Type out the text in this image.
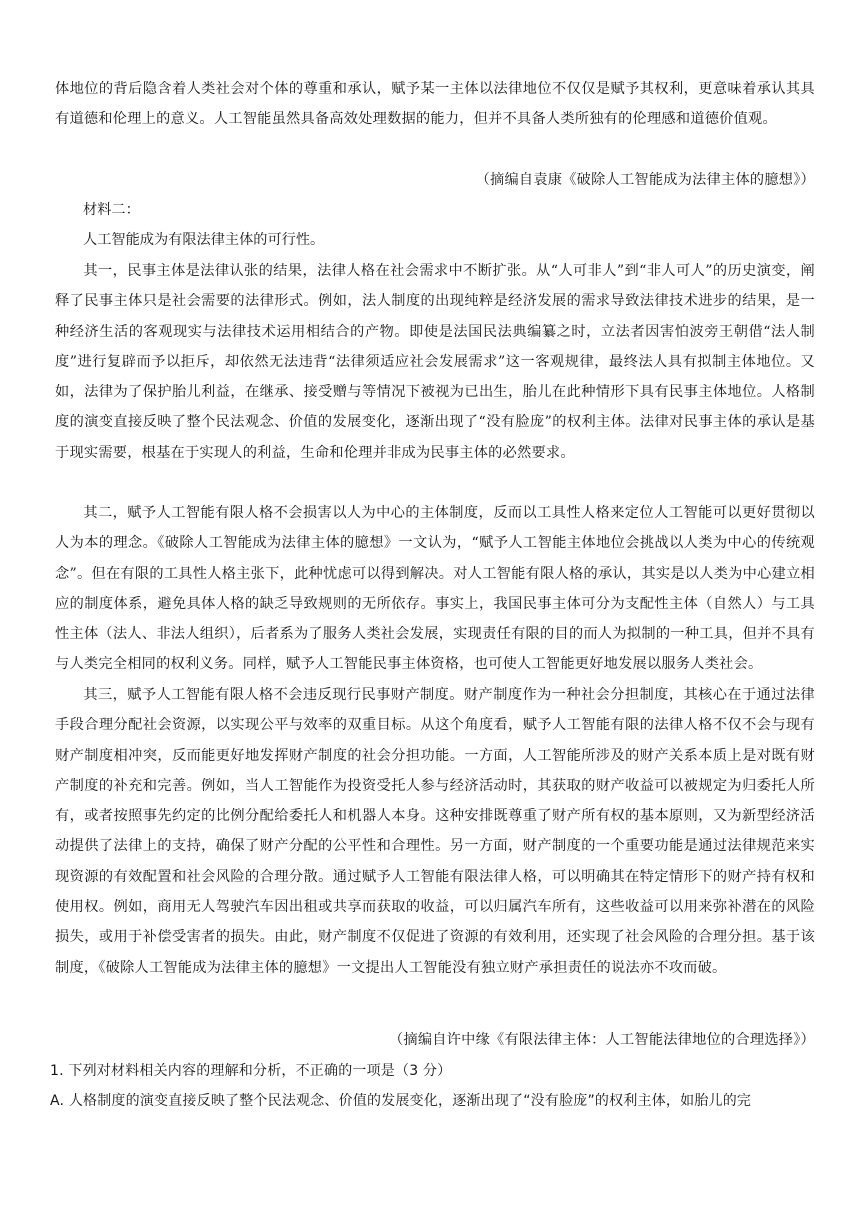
体地位的背后隐含着人类社会对个体的尊重和承认，赋予某一主体以法律地位不仅仅是赋予其权利，更意味着承认其具有道德和伦理上的意义。人工智能虽然具备高效处理数据的能力，但并不具备人类所独有的伦理感和道德价值观。

（摘编自袁康《破除人工智能成为法律主体的臆想》）

材料二：

人工智能成为有限法律主体的可行性。

其一，民事主体是法律认张的结果，法律人格在社会需求中不断扩张。从“人可非人”到“非人可人”的历史演变，阐释了民事主体只是社会需要的法律形式。例如，法人制度的出现纯粹是经济发展的需求导致法律技术进步的结果，是一种经济生活的客观现实与法律技术运用相结合的产物。即使是法国民法典编纂之时，立法者因害怕波旁王朝借“法人制度”进行复辟而予以拒斥，却依然无法违背“法律须适应社会发展需求”这一客观规律，最终法人具有拟制主体地位。又如，法律为了保护胎儿利益，在继承、接受赠与等情况下被视为已出生，胎儿在此种情形下具有民事主体地位。人格制度的演变直接反映了整个民法观念、价值的发展变化，逐渐出现了“没有脸庞”的权利主体。法律对民事主体的承认是基于现实需要，根基在于实现人的利益，生命和伦理并非成为民事主体的必然要求。

其二，赋予人工智能有限人格不会损害以人为中心的主体制度，反而以工具性人格来定位人工智能可以更好贯彻以人为本的理念。《破除人工智能成为法律主体的臆想》一文认为，“赋予人工智能主体地位会挑战以人类为中心的传统观念”。但在有限的工具性人格主张下，此种忧虑可以得到解决。对人工智能有限人格的承认，其实是以人类为中心建立相应的制度体系，避免具体人格的缺乏导致规则的无所依存。事实上，我国民事主体可分为支配性主体（自然人）与工具性主体（法人、非法人组织），后者系为了服务人类社会发展，实现责任有限的目的而人为拟制的一种工具，但并不具有与人类完全相同的权利义务。同样，赋予人工智能民事主体资格，也可使人工智能更好地发展以服务人类社会。

其三，赋予人工智能有限人格不会违反现行民事财产制度。财产制度作为一种社会分担制度，其核心在于通过法律手段合理分配社会资源，以实现公平与效率的双重目标。从这个角度看，赋予人工智能有限的法律人格不仅不会与现有财产制度相冲突，反而能更好地发挥财产制度的社会分担功能。一方面，人工智能所涉及的财产关系本质上是对既有财产制度的补充和完善。例如，当人工智能作为投资受托人参与经济活动时，其获取的财产收益可以被规定为归委托人所有，或者按照事先约定的比例分配给委托人和机器人本身。这种安排既尊重了财产所有权的基本原则，又为新型经济活动提供了法律上的支持，确保了财产分配的公平性和合理性。另一方面，财产制度的一个重要功能是通过法律规范来实现资源的有效配置和社会风险的合理分散。通过赋予人工智能有限法律人格，可以明确其在特定情形下的财产持有权和使用权。例如，商用无人驾驶汽车因出租或共享而获取的收益，可以归属汽车所有，这些收益可以用来弥补潜在的风险损失，或用于补偿受害者的损失。由此，财产制度不仅促进了资源的有效利用，还实现了社会风险的合理分担。基于该制度，《破除人工智能成为法律主体的臆想》一文提出人工智能没有独立财产承担责任的说法亦不攻而破。

（摘编自许中缘《有限法律主体：人工智能法律地位的合理选择》）

1. 下列对材料相关内容的理解和分析，不正确的一项是（3 分）

A. 人格制度的演变直接反映了整个民法观念、价值的发展变化，逐渐出现了“没有脸庞”的权利主体，如胎儿的完
